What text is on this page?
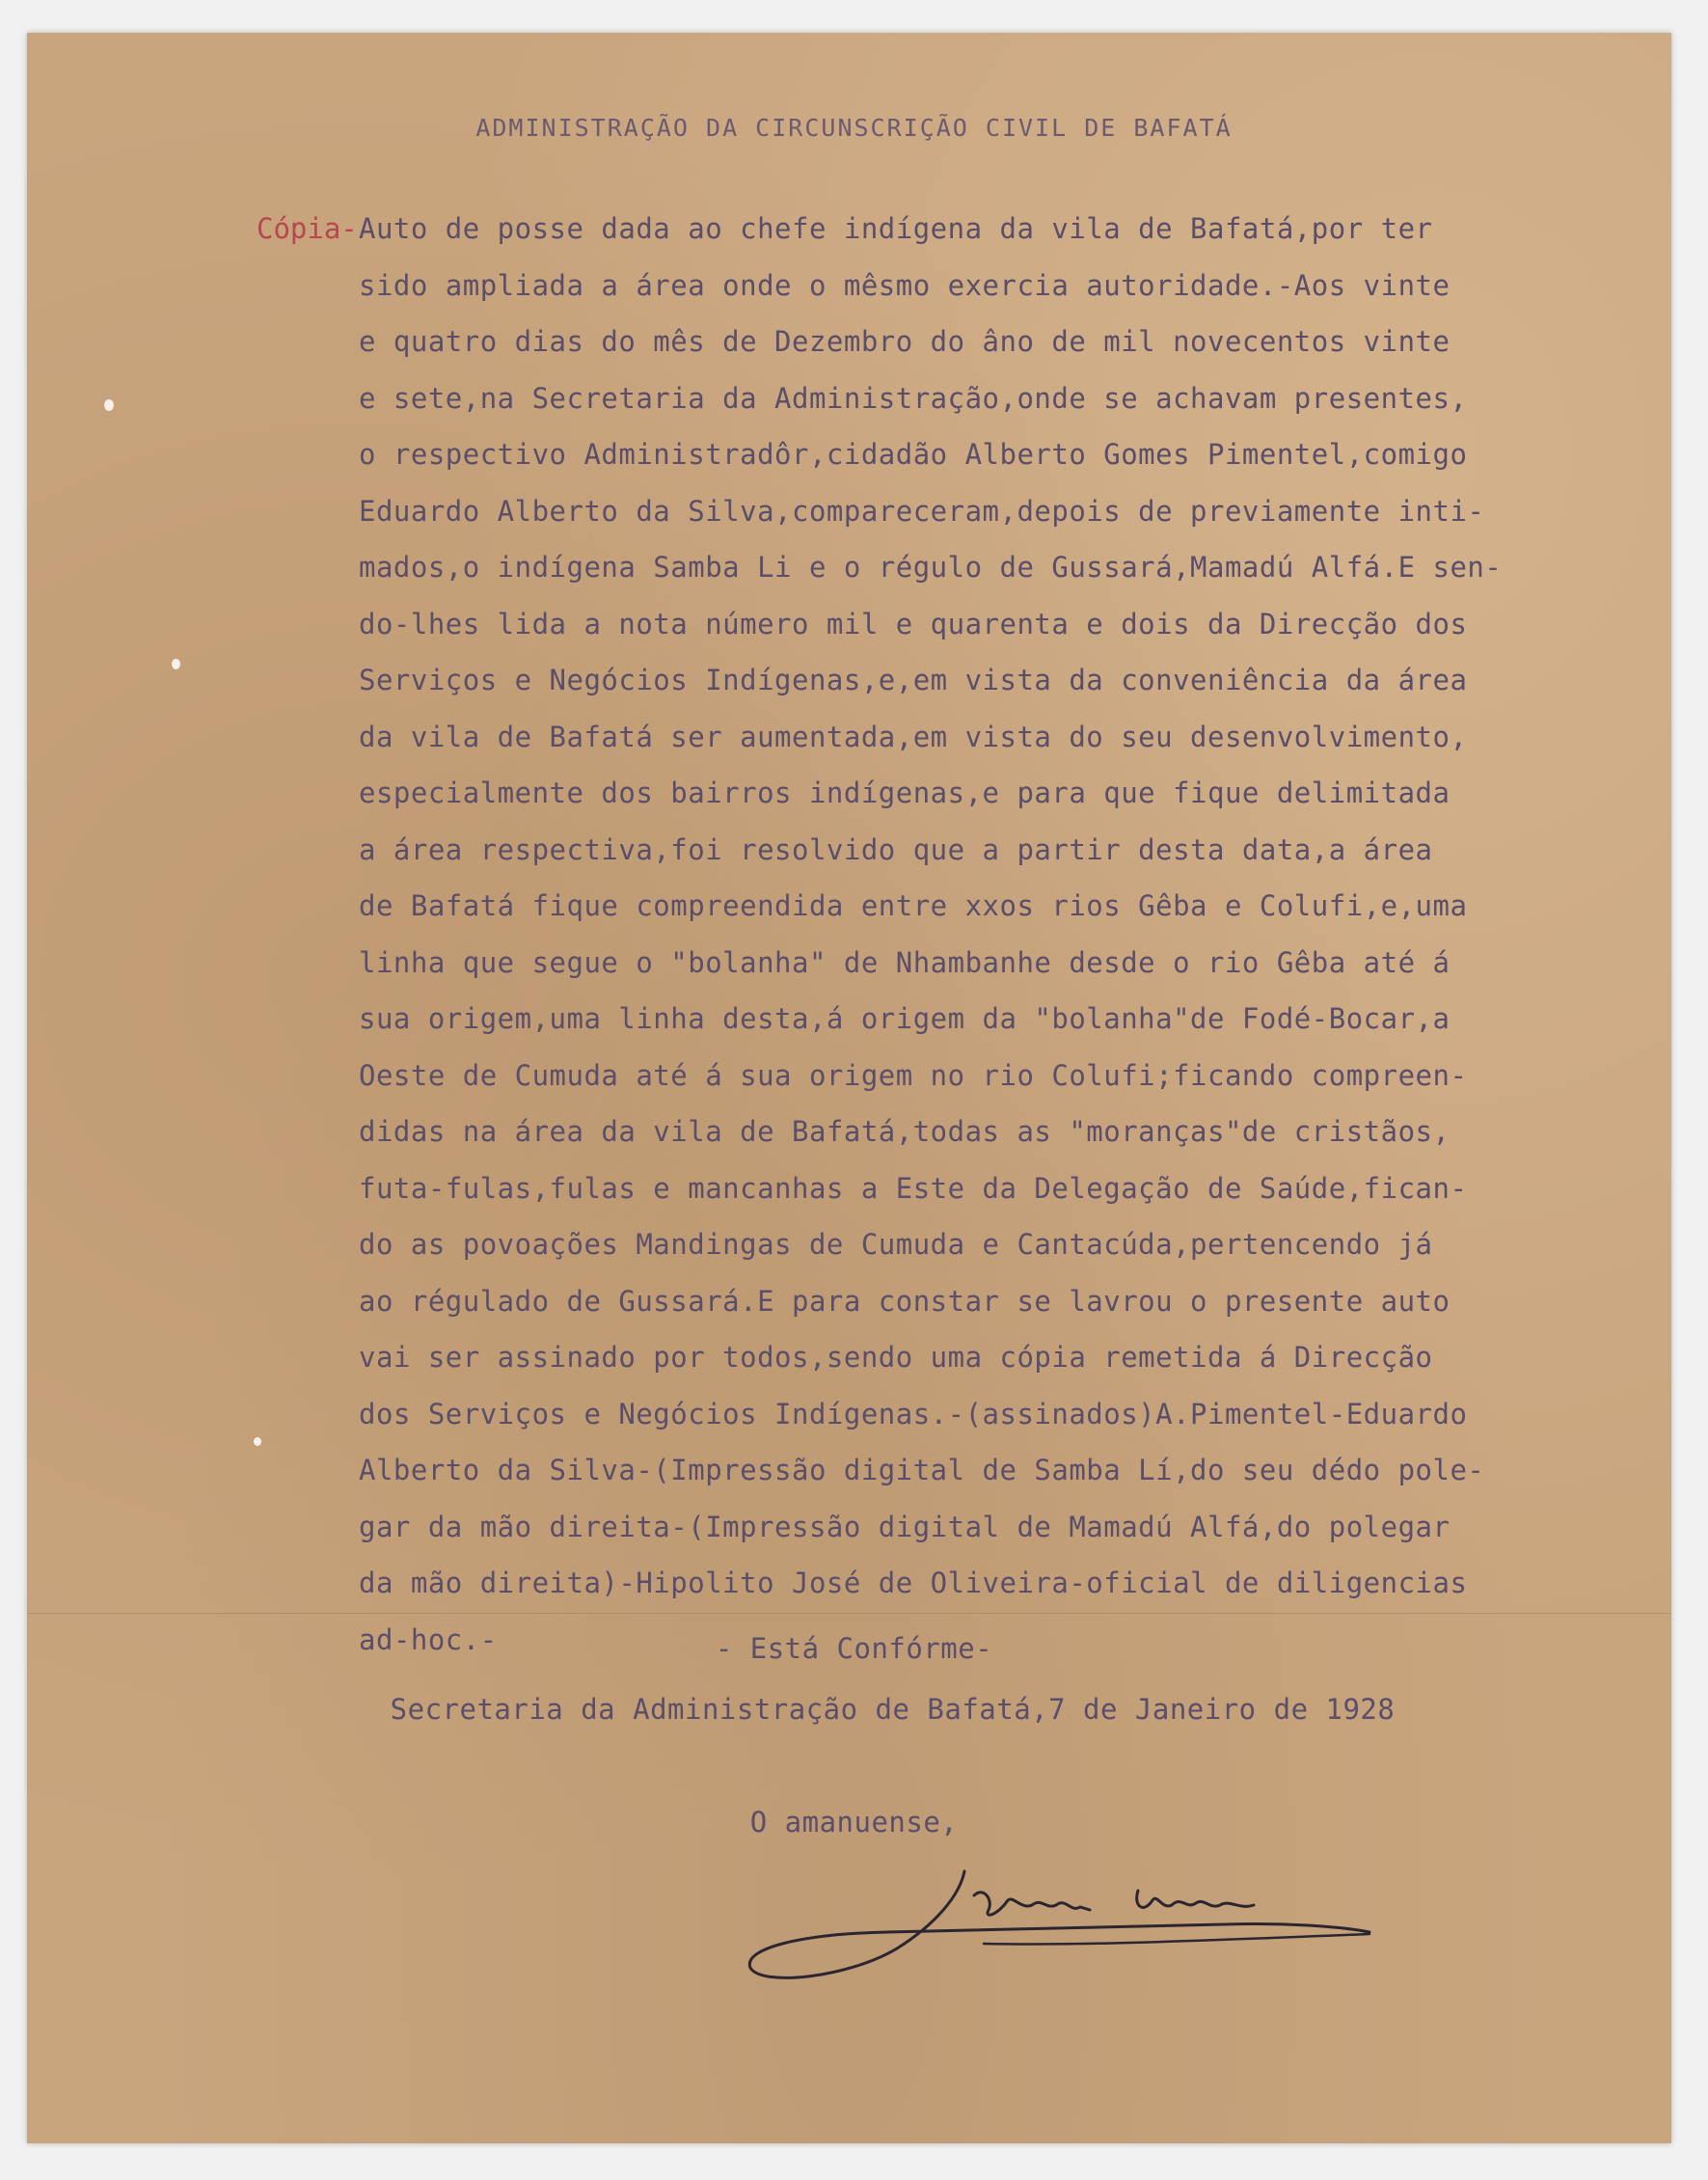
ADMINISTRAÇÃO DA CIRCUNSCRIÇÃO CIVIL DE BAFATÁ
Cópia- Auto de posse dada ao chefe indígena da vila de Bafatá,por ter
sido ampliada a área onde o mêsmo exercia autoridade.-Aos vinte
e quatro dias do mês de Dezembro do âno de mil novecentos vinte
e sete,na Secretaria da Administração,onde se achavam presentes,
o respectivo Administradôr,cidadão Alberto Gomes Pimentel,comigo
Eduardo Alberto da Silva,compareceram,depois de previamente inti-
mados,o indígena Samba Li e o régulo de Gussará,Mamadú Alfá.E sen-
do-lhes lida a nota número mil e quarenta e dois da Direcção dos
Serviços e Negócios Indígenas,e,em vista da conveniência da área
da vila de Bafatá ser aumentada,em vista do seu desenvolvimento,
especialmente dos bairros indígenas,e para que fique delimitada
a área respectiva,foi resolvido que a partir desta data,a área
de Bafatá fique compreendida entre xxos rios Gêba e Colufi,e,uma
linha que segue o "bolanha" de Nhambanhe desde o rio Gêba até á
sua origem,uma linha desta,á origem da "bolanha"de Fodé-Bocar,a
Oeste de Cumuda até á sua origem no rio Colufi;ficando compreen-
didas na área da vila de Bafatá,todas as "moranças"de cristãos,
futa-fulas,fulas e mancanhas a Este da Delegação de Saúde,fican-
do as povoações Mandingas de Cumuda e Cantacúda,pertencendo já
ao régulado de Gussará.E para constar se lavrou o presente auto
vai ser assinado por todos,sendo uma cópia remetida á Direcção
dos Serviços e Negócios Indígenas.-(assinados)A.Pimentel-Eduardo
Alberto da Silva-(Impressão digital de Samba Lí,do seu dédo pole-
gar da mão direita-(Impressão digital de Mamadú Alfá,do polegar
da mão direita)-Hipolito José de Oliveira-oficial de diligencias
ad-hoc.-	- Está Confórme-
Secretaria da Administração de Bafatá,7 de Janeiro de 1928
O amanuense,
